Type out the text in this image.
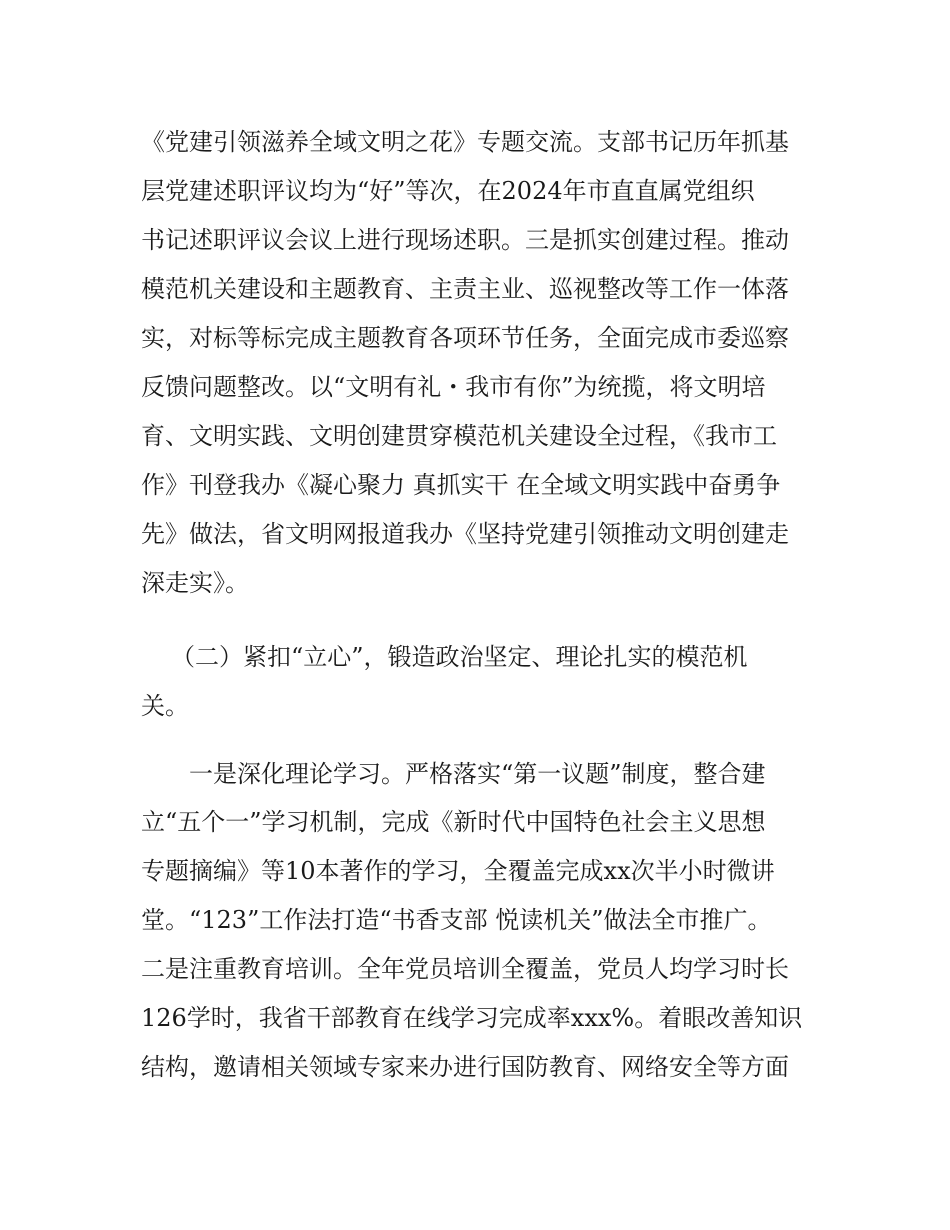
《党建引领滋养全域文明之花》专题交流。支部书记历年抓基
层党建述职评议均为“好”等次，在2024年市直直属党组织
书记述职评议会议上进行现场述职。三是抓实创建过程。推动
模范机关建设和主题教育、主责主业、巡视整改等工作一体落
实，对标等标完成主题教育各项环节任务，全面完成市委巡察
反馈问题整改。以“文明有礼・我市有你”为统揽，将文明培
育、文明实践、文明创建贯穿模范机关建设全过程，《我市工
作》刊登我办《凝心聚力 真抓实干 在全域文明实践中奋勇争
先》做法，省文明网报道我办《坚持党建引领推动文明创建走
深走实》。
（二）紧扣“立心”，锻造政治坚定、理论扎实的模范机
关。
一是深化理论学习。严格落实“第一议题”制度，整合建
立“五个一”学习机制，完成《新时代中国特色社会主义思想
专题摘编》等10本著作的学习，全覆盖完成xx次半小时微讲
堂。“123”工作法打造“书香支部 悦读机关”做法全市推广。
二是注重教育培训。全年党员培训全覆盖，党员人均学习时长
126学时，我省干部教育在线学习完成率xxx%。着眼改善知识
结构，邀请相关领域专家来办进行国防教育、网络安全等方面
